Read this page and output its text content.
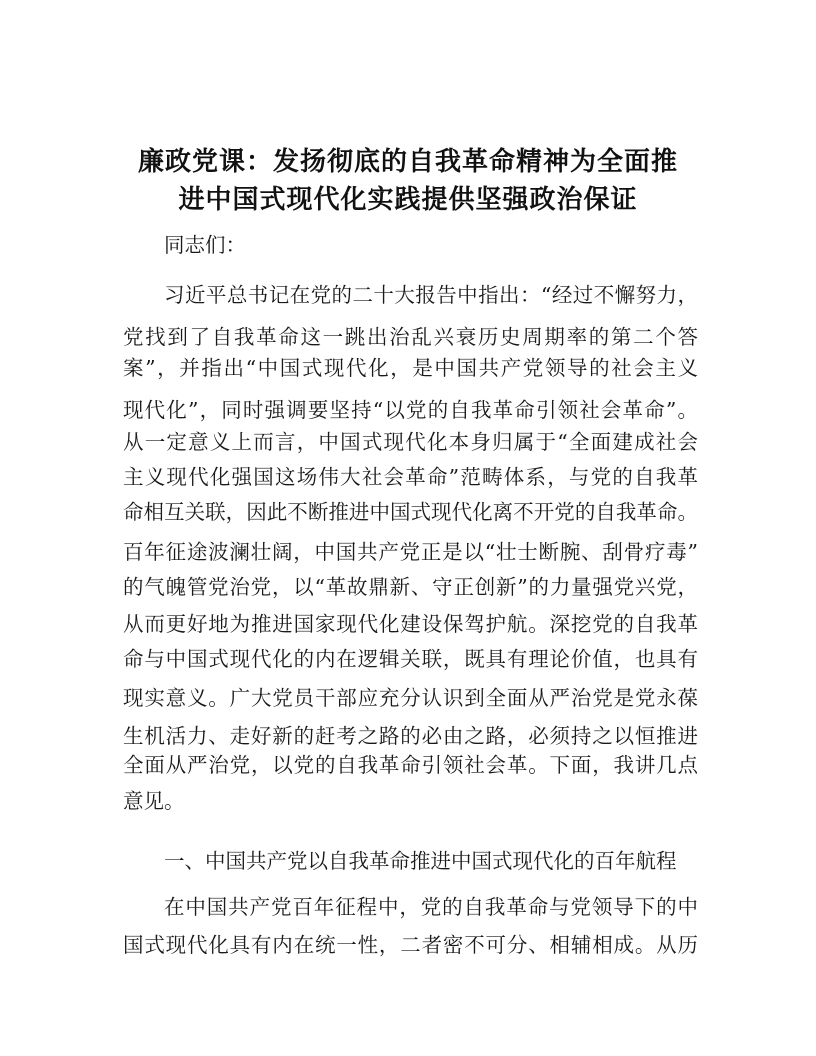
廉政党课：发扬彻底的自我革命精神为全面推
进中国式现代化实践提供坚强政治保证
同志们：
习近平总书记在党的二十大报告中指出：“经过不懈努力，
党找到了自我革命这一跳出治乱兴衰历史周期率的第二个答
案”，并指出“中国式现代化，是中国共产党领导的社会主义
现代化”，同时强调要坚持“以党的自我革命引领社会革命”。
从一定意义上而言，中国式现代化本身归属于“全面建成社会
主义现代化强国这场伟大社会革命”范畴体系，与党的自我革
命相互关联，因此不断推进中国式现代化离不开党的自我革命。
百年征途波澜壮阔，中国共产党正是以“壮士断腕、刮骨疗毒”
的气魄管党治党，以“革故鼎新、守正创新”的力量强党兴党，
从而更好地为推进国家现代化建设保驾护航。深挖党的自我革
命与中国式现代化的内在逻辑关联，既具有理论价值，也具有
现实意义。广大党员干部应充分认识到全面从严治党是党永葆
生机活力、走好新的赶考之路的必由之路，必须持之以恒推进
全面从严治党，以党的自我革命引领社会革。下面，我讲几点
意见。
一、中国共产党以自我革命推进中国式现代化的百年航程
在中国共产党百年征程中，党的自我革命与党领导下的中
国式现代化具有内在统一性，二者密不可分、相辅相成。从历
